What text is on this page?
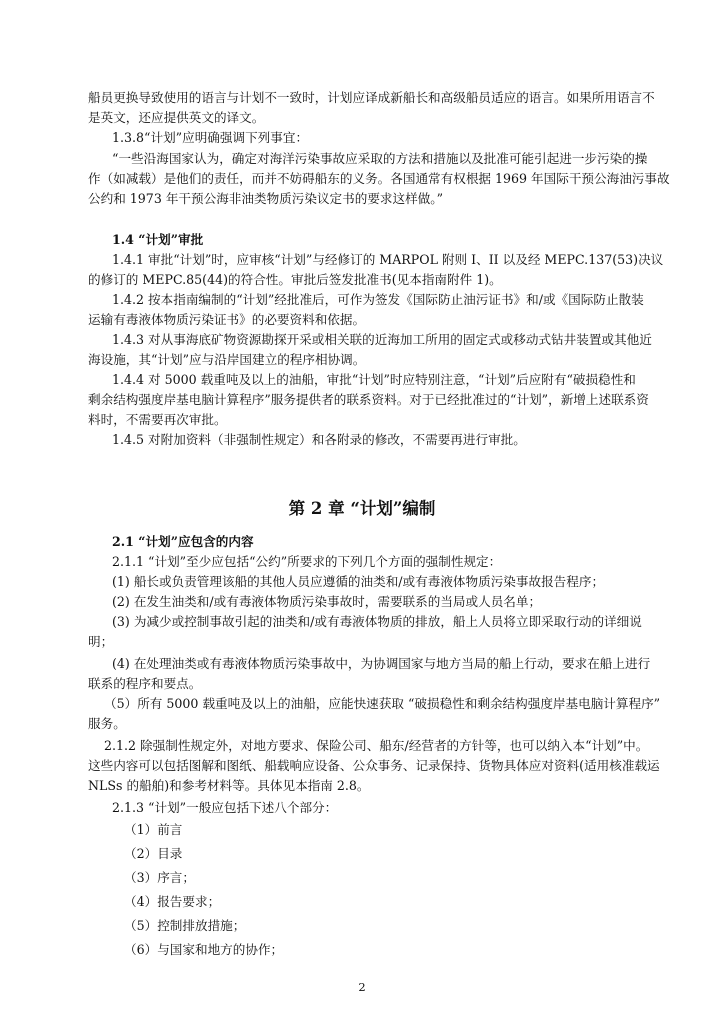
船员更换导致使用的语言与计划不一致时，计划应译成新船长和高级船员适应的语言。如果所用语言不
是英文，还应提供英文的译文。
1.3.8“计划”应明确强调下列事宜：
“一些沿海国家认为，确定对海洋污染事故应采取的方法和措施以及批准可能引起进一步污染的操
作（如减载）是他们的责任，而并不妨碍船东的义务。各国通常有权根据 1969 年国际干预公海油污事故
公约和 1973 年干预公海非油类物质污染议定书的要求这样做。”
1.4 “计划”审批
1.4.1 审批“计划”时，应审核“计划”与经修订的 MARPOL 附则 I、II 以及经 MEPC.137(53)决议
的修订的 MEPC.85(44)的符合性。审批后签发批准书(见本指南附件 1)。
1.4.2 按本指南编制的“计划”经批准后，可作为签发《国际防止油污证书》和/或《国际防止散装
运输有毒液体物质污染证书》的必要资料和依据。
1.4.3 对从事海底矿物资源勘探开采或相关联的近海加工所用的固定式或移动式钻井装置或其他近
海设施，其“计划”应与沿岸国建立的程序相协调。
1.4.4 对 5000 载重吨及以上的油船，审批“计划”时应特别注意，“计划”后应附有“破损稳性和
剩余结构强度岸基电脑计算程序”服务提供者的联系资料。对于已经批准过的“计划”，新增上述联系资
料时，不需要再次审批。
1.4.5 对附加资料（非强制性规定）和各附录的修改，不需要再进行审批。
第 2 章 “计划”编制
2.1 “计划”应包含的内容
2.1.1 “计划”至少应包括“公约”所要求的下列几个方面的强制性规定：
(1) 船长或负责管理该船的其他人员应遵循的油类和/或有毒液体物质污染事故报告程序；
(2) 在发生油类和/或有毒液体物质污染事故时，需要联系的当局或人员名单；
(3) 为减少或控制事故引起的油类和/或有毒液体物质的排放，船上人员将立即采取行动的详细说
明；
(4) 在处理油类或有毒液体物质污染事故中，为协调国家与地方当局的船上行动，要求在船上进行
联系的程序和要点。
（5）所有 5000 载重吨及以上的油船，应能快速获取 “破损稳性和剩余结构强度岸基电脑计算程序”
服务。
2.1.2 除强制性规定外，对地方要求、保险公司、船东/经营者的方针等，也可以纳入本“计划”中。
这些内容可以包括图解和图纸、船载响应设备、公众事务、记录保持、货物具体应对资料(适用核准载运
NLSs 的船舶)和参考材料等。具体见本指南 2.8。
2.1.3 “计划”一般应包括下述八个部分：
（1）前言
（2）目录
（3）序言；
（4）报告要求；
（5）控制排放措施；
（6）与国家和地方的协作；
2
